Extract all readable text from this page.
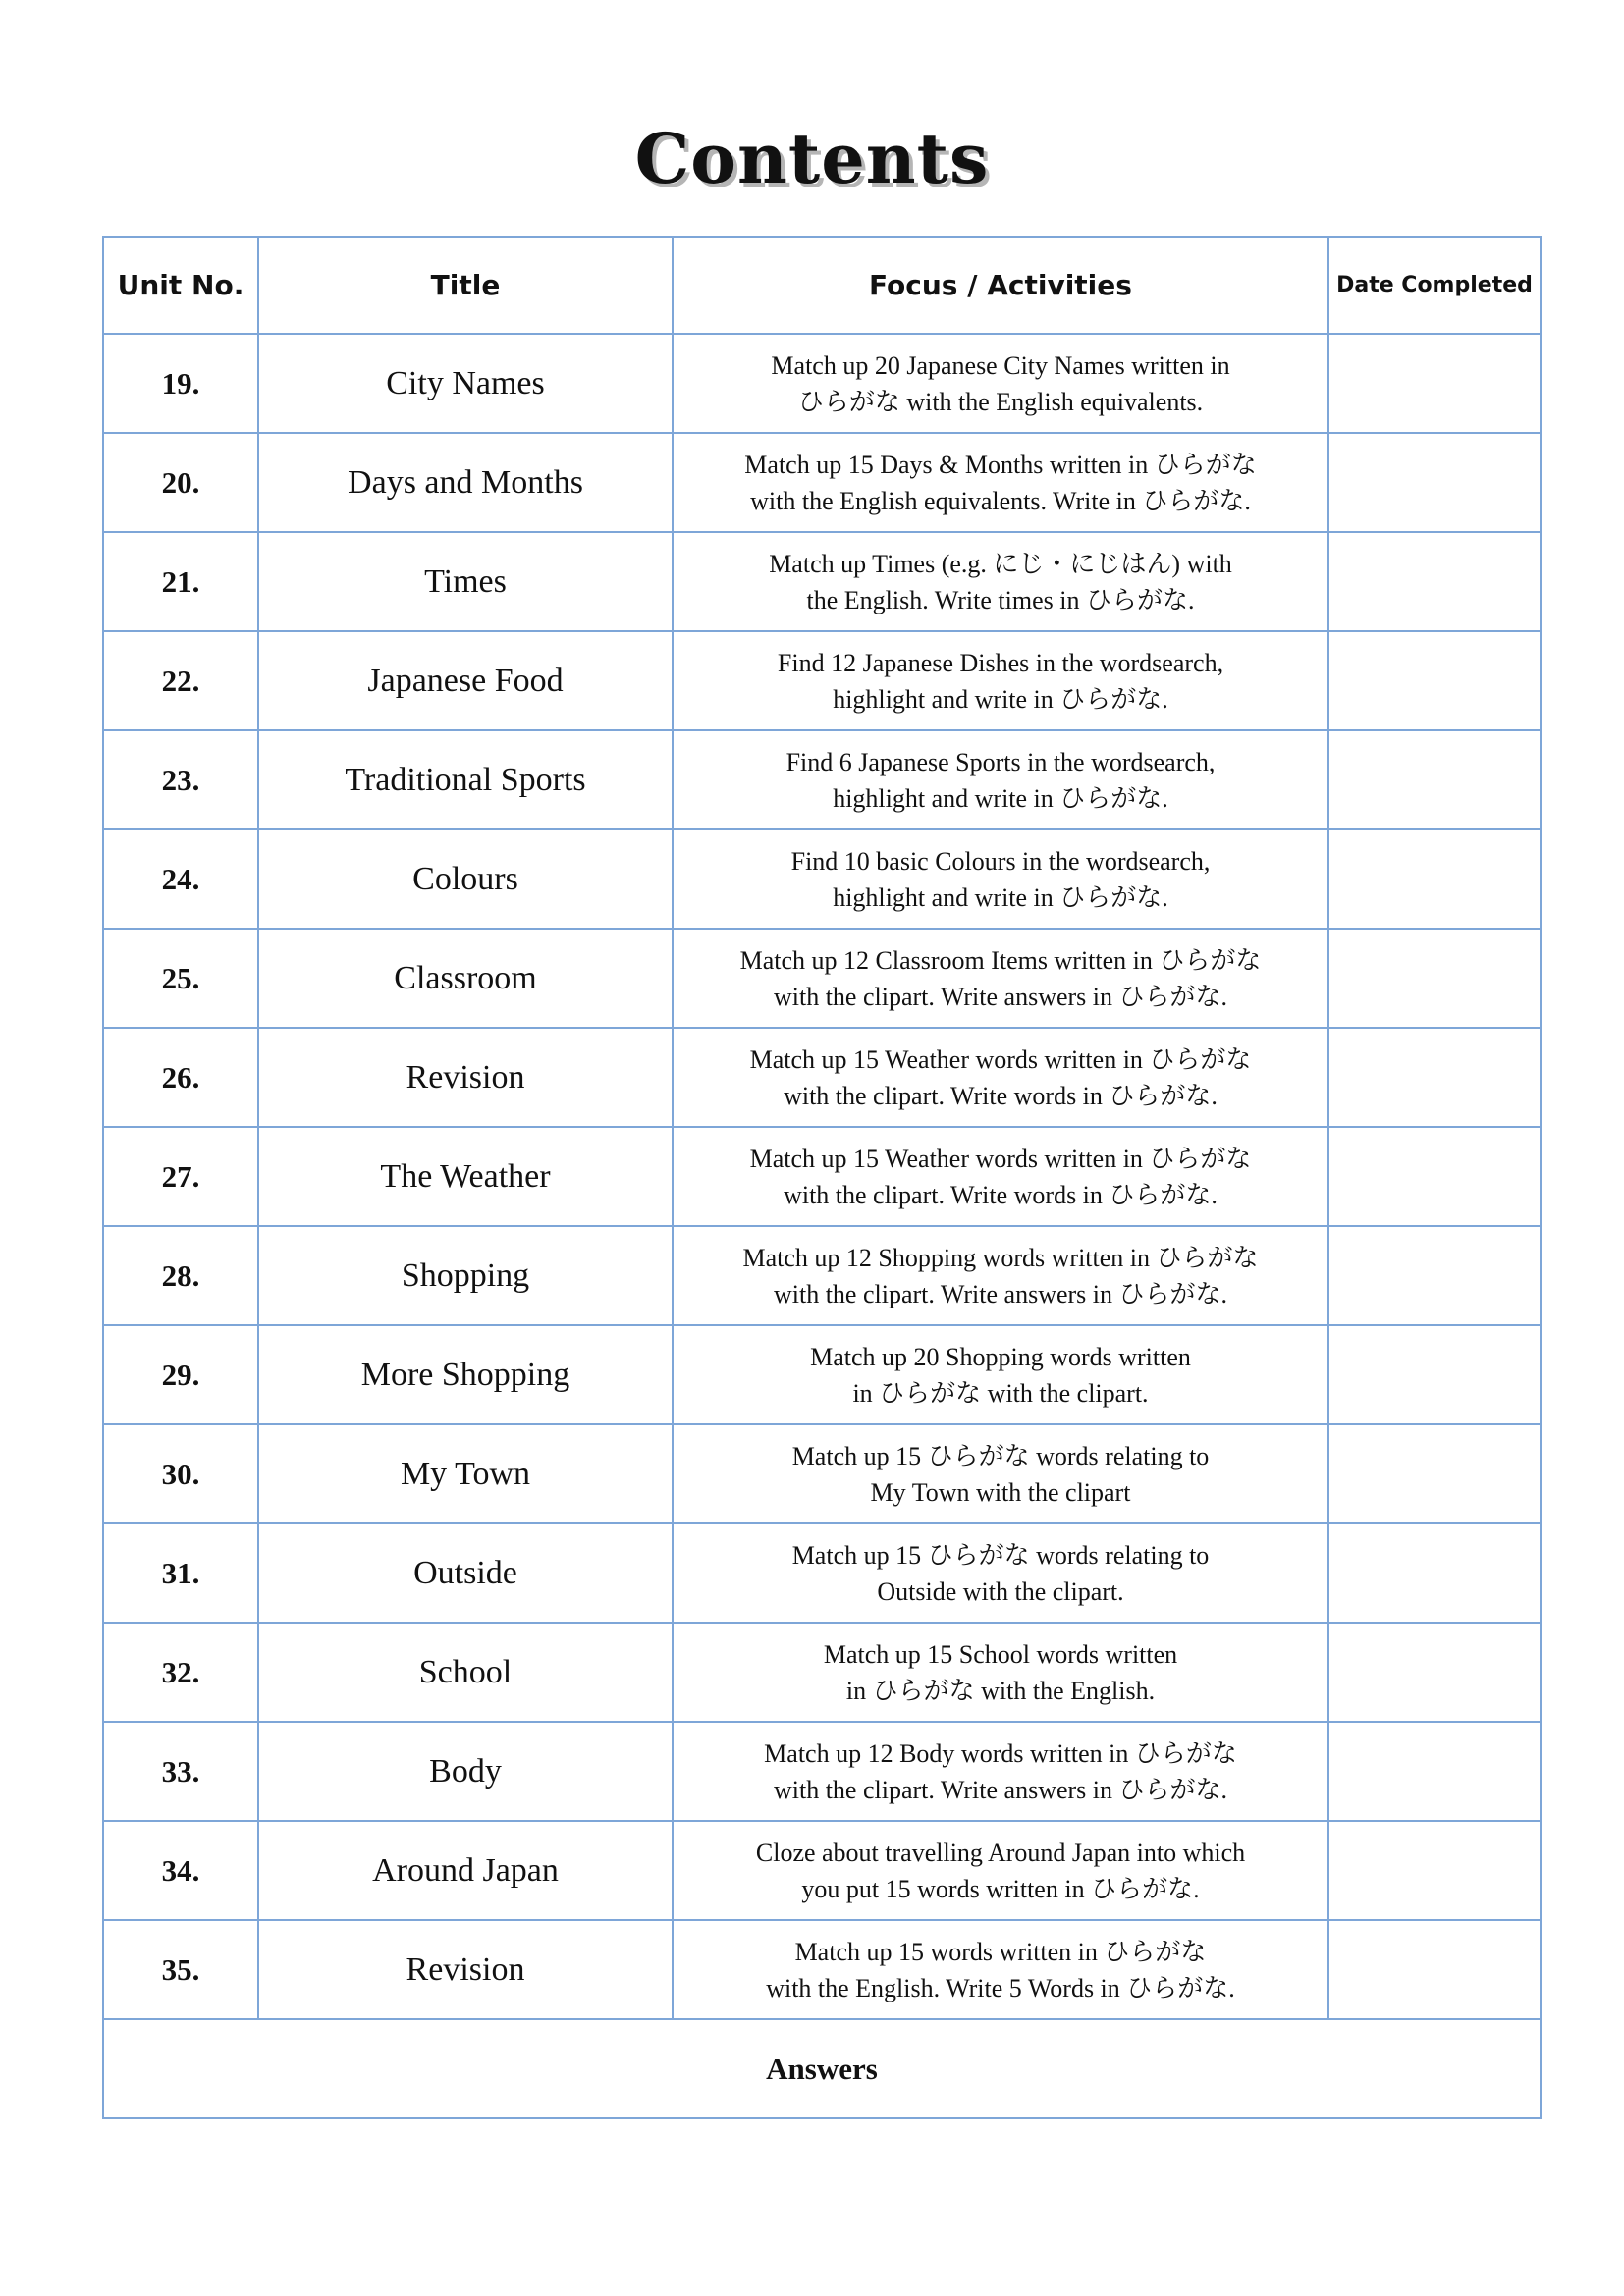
Contents
Unit No.	Title	Focus / Activities	Date Completed
19.	City Names	Match up 20 Japanese City Names written in
ひらがな with the English equivalents.	

20.	Days and Months	Match up 15 Days & Months written in ひらがな
with the English equivalents. Write in ひらがな.	

21.	Times	Match up Times (e.g. にじ・にじはん) with
the English. Write times in ひらがな.	

22.	Japanese Food	Find 12 Japanese Dishes in the wordsearch,
highlight and write in ひらがな.	

23.	Traditional Sports	Find 6 Japanese Sports in the wordsearch,
highlight and write in ひらがな.	

24.	Colours	Find 10 basic Colours in the wordsearch,
highlight and write in ひらがな.	

25.	Classroom	Match up 12 Classroom Items written in ひらがな
with the clipart. Write answers in ひらがな.	

26.	Revision	Match up 15 Weather words written in ひらがな
with the clipart. Write words in ひらがな.	

27.	The Weather	Match up 15 Weather words written in ひらがな
with the clipart. Write words in ひらがな.	

28.	Shopping	Match up 12 Shopping words written in ひらがな
with the clipart. Write answers in ひらがな.	

29.	More Shopping	Match up 20 Shopping words written
in ひらがな with the clipart.	

30.	My Town	Match up 15 ひらがな words relating to
My Town with the clipart	

31.	Outside	Match up 15 ひらがな words relating to
Outside with the clipart.	

32.	School	Match up 15 School words written
in ひらがな with the English.	

33.	Body	Match up 12 Body words written in ひらがな
with the clipart. Write answers in ひらがな.	

34.	Around Japan	Cloze about travelling Around Japan into which
you put 15 words written in ひらがな.	

35.	Revision	Match up 15 words written in ひらがな
with the English. Write 5 Words in ひらがな.	

Answers			
